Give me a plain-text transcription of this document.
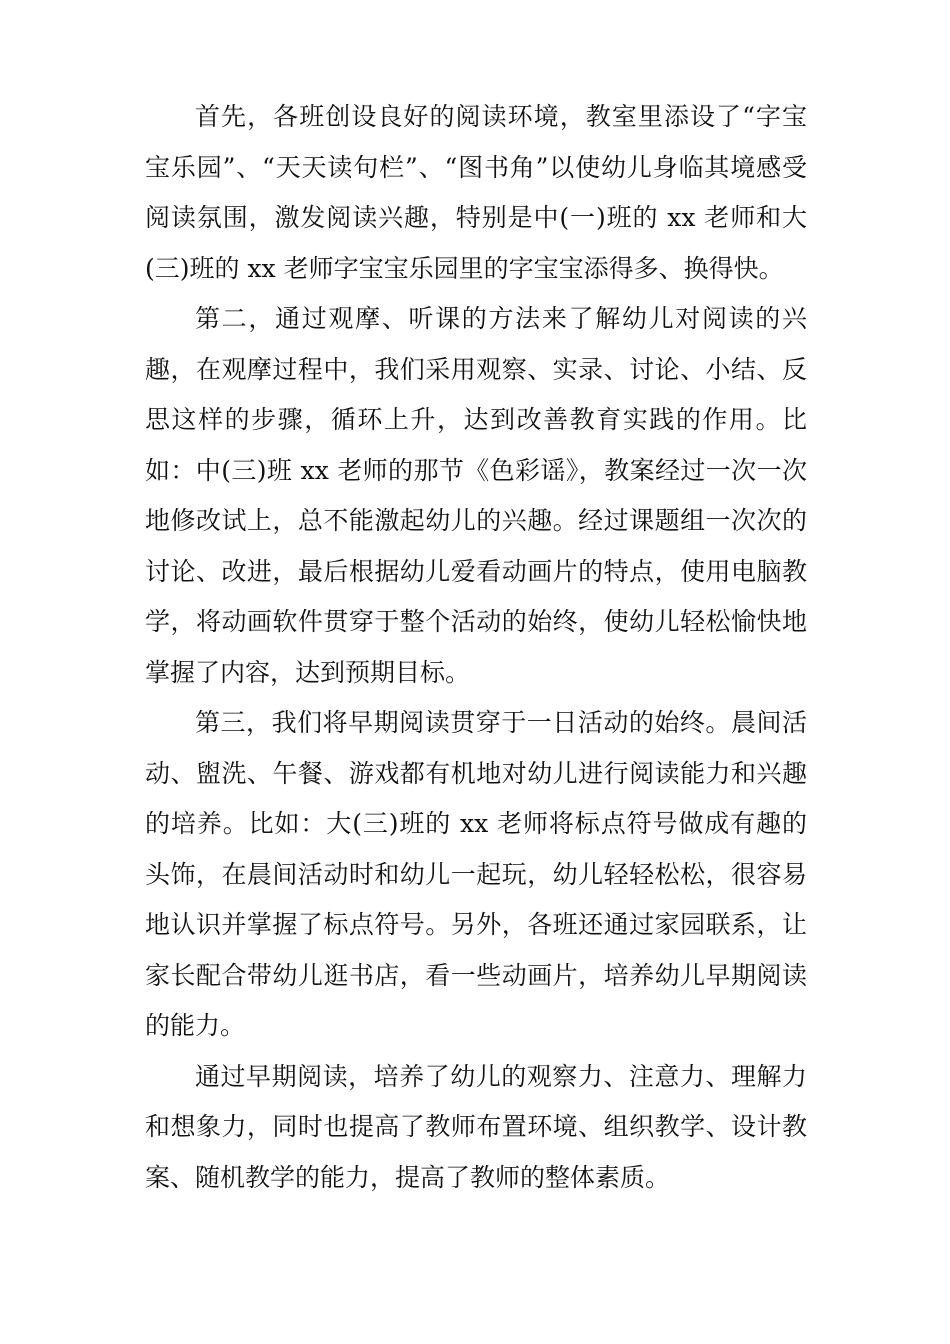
首先，各班创设良好的阅读环境，教室里添设了“字宝宝乐园”、“天天读句栏”、“图书角”以使幼儿身临其境感受阅读氛围，激发阅读兴趣，特别是中(一)班的 xx 老师和大(三)班的 xx 老师字宝宝乐园里的字宝宝添得多、换得快。

第二，通过观摩、听课的方法来了解幼儿对阅读的兴趣，在观摩过程中，我们采用观察、实录、讨论、小结、反思这样的步骤，循环上升，达到改善教育实践的作用。比如：中(三)班 xx 老师的那节《色彩谣》，教案经过一次一次地修改试上，总不能激起幼儿的兴趣。经过课题组一次次的讨论、改进，最后根据幼儿爱看动画片的特点，使用电脑教学，将动画软件贯穿于整个活动的始终，使幼儿轻松愉快地掌握了内容，达到预期目标。

第三，我们将早期阅读贯穿于一日活动的始终。晨间活动、盥洗、午餐、游戏都有机地对幼儿进行阅读能力和兴趣的培养。比如：大(三)班的 xx 老师将标点符号做成有趣的头饰，在晨间活动时和幼儿一起玩，幼儿轻轻松松，很容易地认识并掌握了标点符号。另外，各班还通过家园联系，让家长配合带幼儿逛书店，看一些动画片，培养幼儿早期阅读的能力。

通过早期阅读，培养了幼儿的观察力、注意力、理解力和想象力，同时也提高了教师布置环境、组织教学、设计教案、随机教学的能力，提高了教师的整体素质。
